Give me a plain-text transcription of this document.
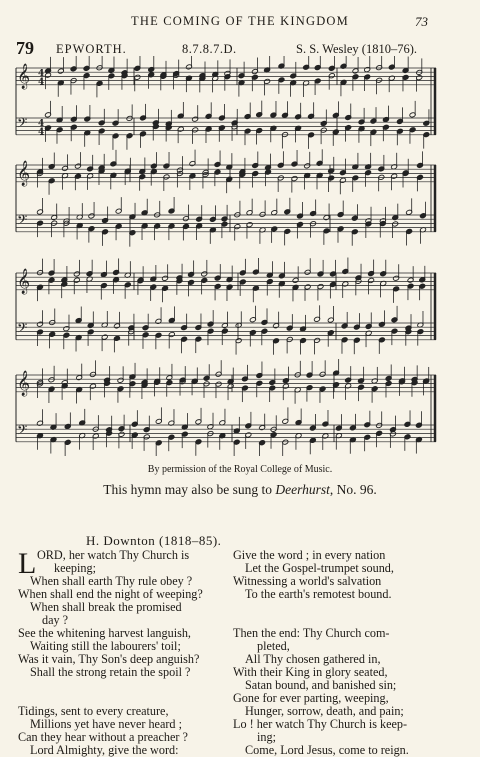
THE COMING OF THE KINGDOM	73
79 EPWORTH.	8.7.8.7.D.	S. S. Wesley (1810–76).
𝄞 4
4
𝄢 4
4
𝄞
𝄢
𝄞
𝄢
𝄞
𝄢
By permission of the Royal College of Music.
This hymn may also be sung to Deerhurst, No. 96.
H. Downton (1818–85).
L ORD, her watch Thy Church is
keeping;
When shall earth Thy rule obey ?
When shall end the night of weeping?
When shall break the promised
day ?
See the whitening harvest languish,
Waiting still the labourers' toil;
Was it vain, Thy Son's deep anguish?
Shall the strong retain the spoil ?
Tidings, sent to every creature,
Millions yet have never heard ;
Can they hear without a preacher ?
Lord Almighty, give the word:
Give the word ; in every nation
Let the Gospel-trumpet sound,
Witnessing a world's salvation
To the earth's remotest bound.
Then the end: Thy Church com-
pleted,
All Thy chosen gathered in,
With their King in glory seated,
Satan bound, and banished sin;
Gone for ever parting, weeping,
Hunger, sorrow, death, and pain;
Lo ! her watch Thy Church is keep-
ing;
Come, Lord Jesus, come to reign.
